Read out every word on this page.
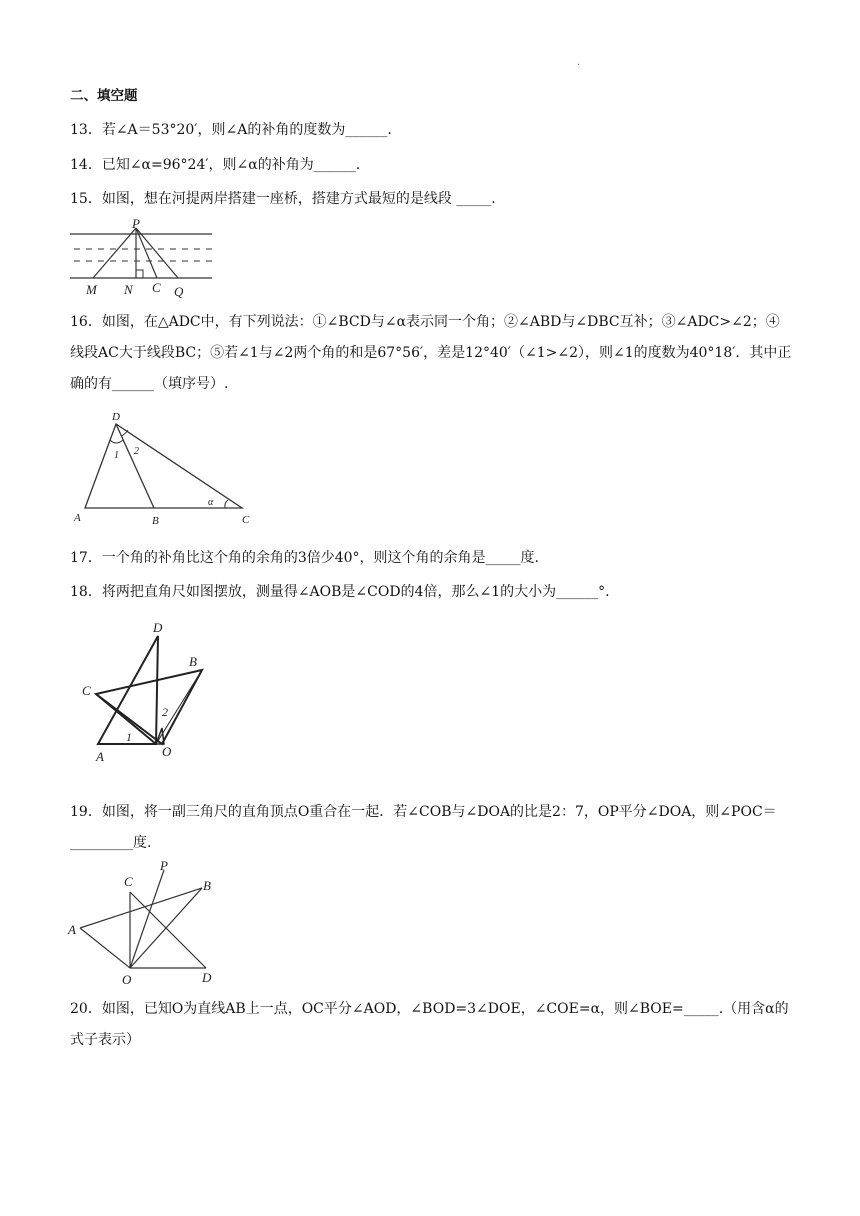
·
二、填空题
13．若∠A＝53°20′，则∠A的补角的度数为______.
14．已知∠α=96°24′，则∠α的补角为______.
15．如图，想在河提两岸搭建一座桥，搭建方式最短的是线段 _____.
P
M N C Q
16．如图，在△ADC中，有下列说法：①∠BCD与∠α表示同一个角；②∠ABD与∠DBC互补；③∠ADC>∠2；④线段AC大于线段BC；⑤若∠1与∠2两个角的和是67°56′，差是12°40′（∠1>∠2），则∠1的度数为40°18′．其中正确的有______（填序号）.
D
A	B	C
1 2
α
17．一个角的补角比这个角的余角的3倍少40°，则这个角的余角是_____度.
18．将两把直角尺如图摆放，测量得∠AOB是∠COD的4倍，那么∠1的大小为______°.
D
B
C
A	O
1
2
19．如图，将一副三角尺的直角顶点O重合在一起．若∠COB与∠DOA的比是2：7，OP平分∠DOA，则∠POC＝_________度.
P
C	B
A
O	D
20．如图，已知O为直线AB上一点，OC平分∠AOD，∠BOD=3∠DOE，∠COE=α，则∠BOE=_____.（用含α的式子表示）
